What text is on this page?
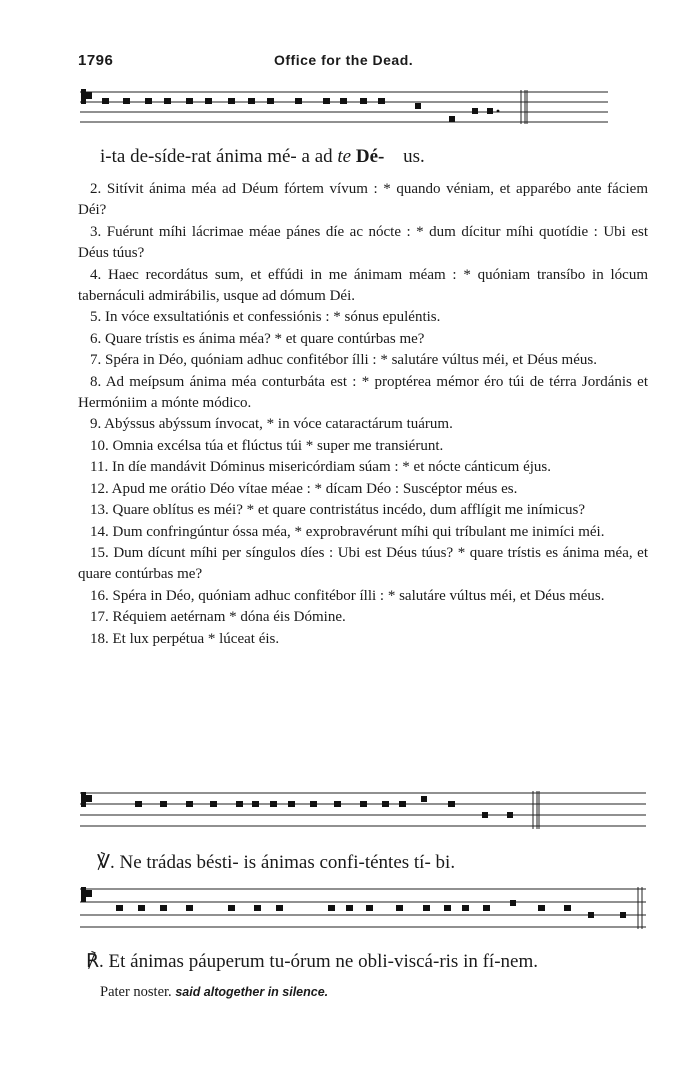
1796	Office for the Dead.
i-ta de-síde-rat ánima mé- a ad te Dé- us.

2. Sitívit ánima méa ad Déum fórtem vívum : * quando véniam, et apparébo ante fáciem Déi?

3. Fuérunt míhi lácrimae méae pánes díe ac nócte : * dum dícitur míhi quotídie : Ubi est Déus túus?

4. Haec recordátus sum, et effúdi in me ánimam méam : * quóniam transíbo in lócum tabernáculi admirábilis, usque ad dómum Déi.

5. In vóce exsultatiónis et confessiónis : * sónus epuléntis.

6. Quare trístis es ánima méa? * et quare contúrbas me?

7. Spéra in Déo, quóniam adhuc confitébor ílli : * salutáre vúltus méi, et Déus méus.

8. Ad meípsum ánima méa conturbáta est : * proptérea mémor éro túi de térra Jordánis et Hermóniim a mónte módico.

9. Abýssus abýssum ínvocat, * in vóce cataractárum tuárum.

10. Omnia excélsa túa et flúctus túi * super me transiérunt.

11. In díe mandávit Dóminus misericórdiam súam : * et nócte cánticum éjus.

12. Apud me orátio Déo vítae méae : * dícam Déo : Suscéptor méus es.

13. Quare oblítus es méi? * et quare contristátus incédo, dum afflígit me inímicus?

14. Dum confringúntur óssa méa, * exprobravérunt míhi qui tríbulant me inimíci méi.

15. Dum dícunt míhi per síngulos díes : Ubi est Déus túus? * quare trístis es ánima méa, et quare contúrbas me?

16. Spéra in Déo, quóniam adhuc confitébor ílli : * salutáre vúltus méi, et Déus méus.

17. Réquiem aetérnam * dóna éis Dómine.

18. Et lux perpétua * lúceat éis.

℣. Ne trádas bésti- is ánimas confi-téntes tí- bi.
℟. Et ánimas páuperum tu-órum ne obli-viscá-ris in fí-nem.
Pater noster. said altogether in silence.
